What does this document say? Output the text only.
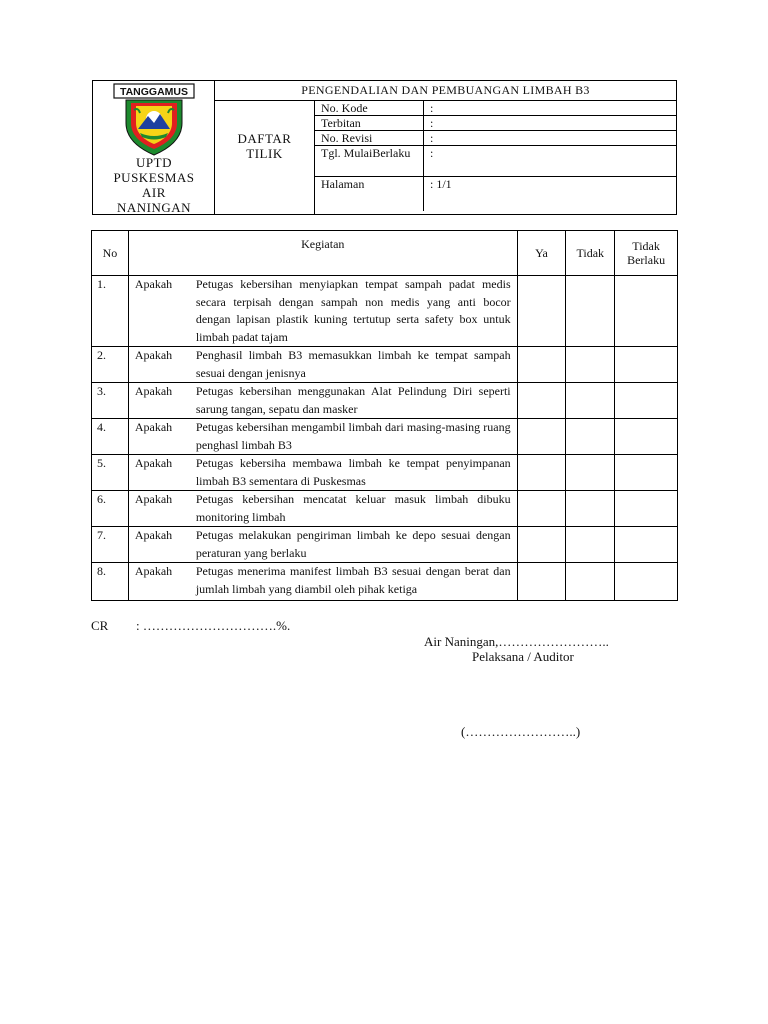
TANGGAMUS
UPTD
PUSKESMAS
AIR
NANINGAN
PENGENDALIAN DAN PEMBUANGAN LIMBAH B3
DAFTAR
TILIK
No. Kode	:
Terbitan	:
No. Revisi	:
Tgl. MulaiBerlaku	:
Halaman	: 1/1
No	Kegiatan	Ya	Tidak	Tidak Berlaku
1.	Apakah Petugas kebersihan menyiapkan tempat sampah padat medis secara terpisah dengan sampah non medis yang anti bocor dengan lapisan plastik kuning tertutup serta safety box untuk limbah padat tajam			

2.	Apakah Penghasil limbah B3 memasukkan limbah ke tempat sampah sesuai dengan jenisnya			

3.	Apakah Petugas kebersihan menggunakan Alat Pelindung Diri seperti sarung tangan, sepatu dan masker			

4.	Apakah Petugas kebersihan mengambil limbah dari masing-masing ruang penghasl limbah B3			

5.	Apakah Petugas kebersiha membawa limbah ke tempat penyimpanan limbah B3 sementara di Puskesmas			

6.	Apakah Petugas kebersihan mencatat keluar masuk limbah dibuku monitoring limbah			

7.	Apakah Petugas melakukan pengiriman limbah ke depo sesuai dengan peraturan yang berlaku			

8.	Apakah Petugas menerima manifest limbah B3 sesuai dengan berat dan jumlah limbah yang diambil oleh pihak ketiga			

CR : ………………………….%.
Air Naningan,……………………..
Pelaksana / Auditor
(……………………..)
